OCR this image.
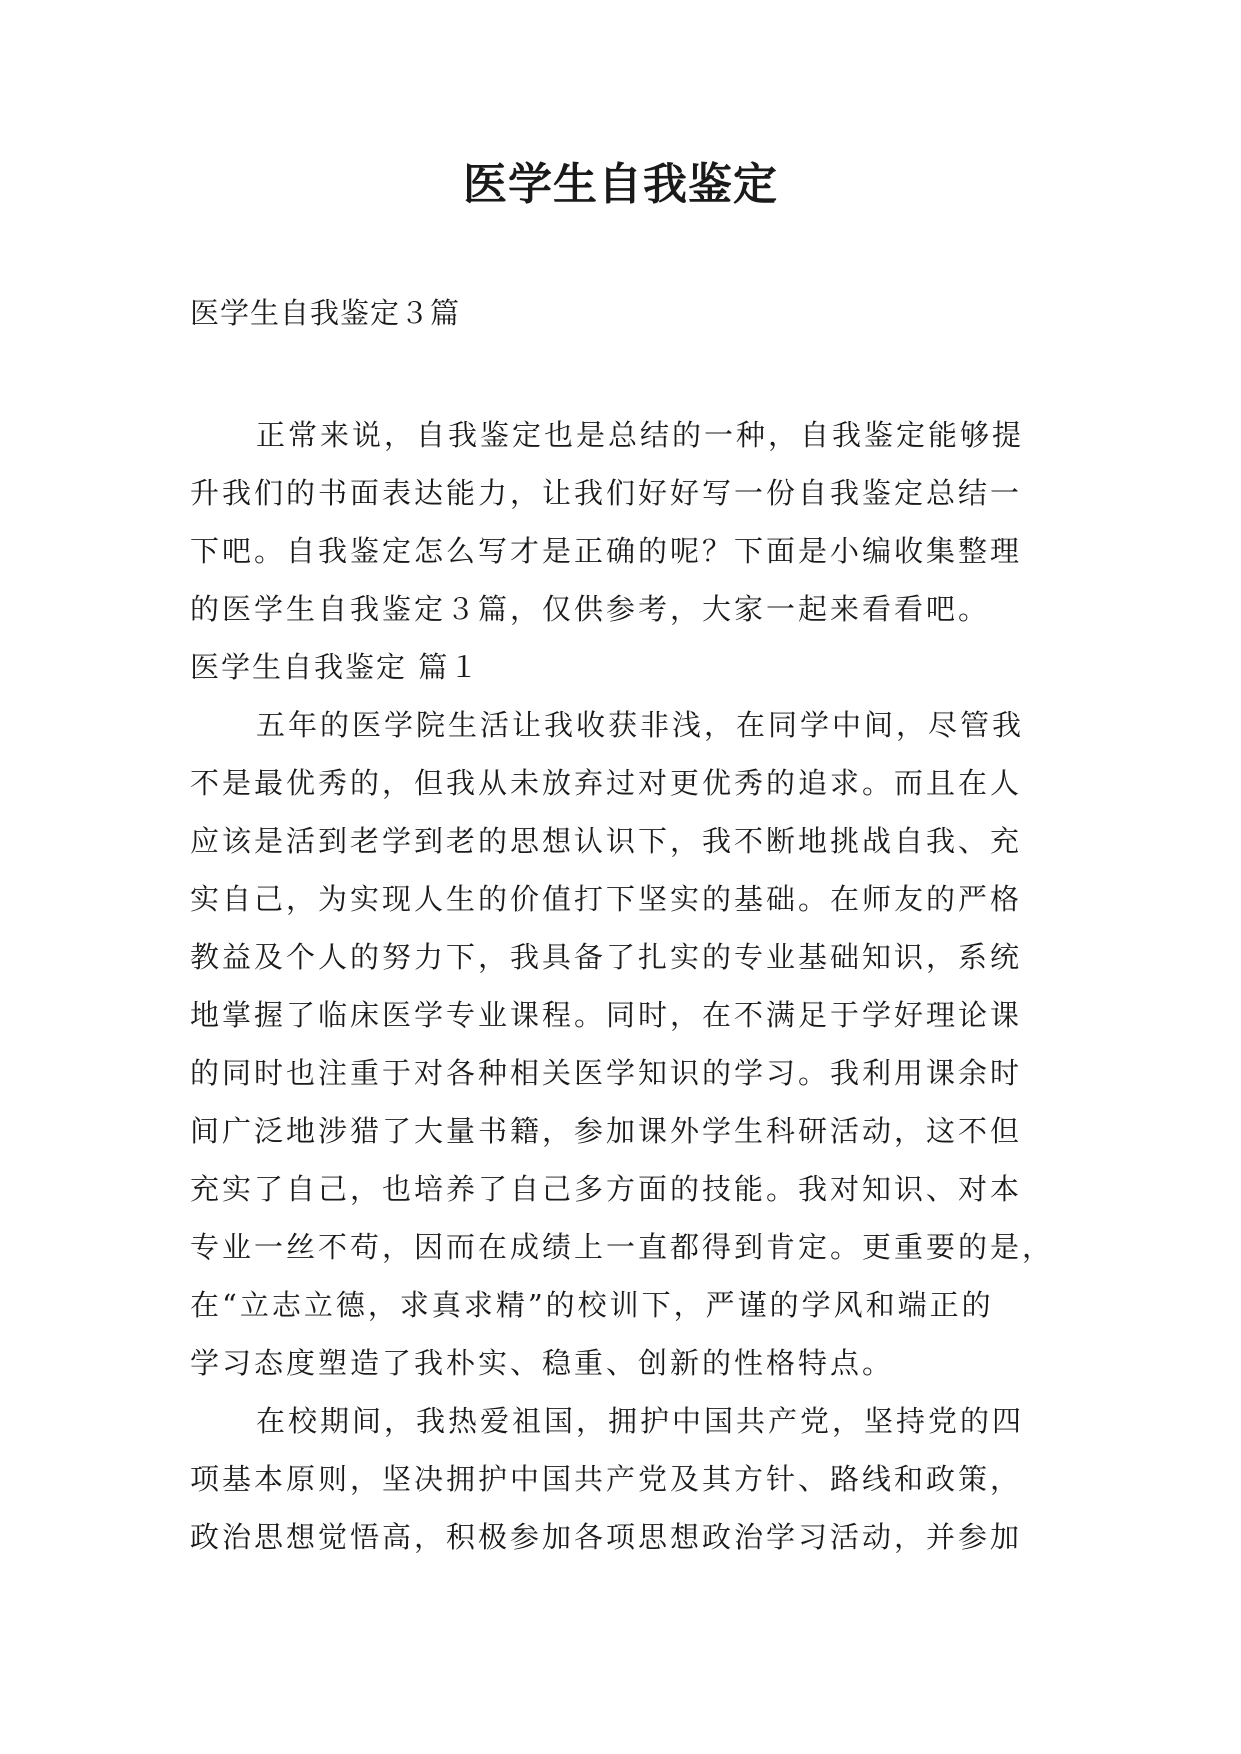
医学生自我鉴定

医学生自我鉴定３篇

正常来说，自我鉴定也是总结的一种，自我鉴定能够提
升我们的书面表达能力，让我们好好写一份自我鉴定总结一
下吧。自我鉴定怎么写才是正确的呢？下面是小编收集整理
的医学生自我鉴定３篇，仅供参考，大家一起来看看吧。
医学生自我鉴定 篇１
五年的医学院生活让我收获非浅，在同学中间，尽管我
不是最优秀的，但我从未放弃过对更优秀的追求。而且在人
应该是活到老学到老的思想认识下，我不断地挑战自我、充
实自己，为实现人生的价值打下坚实的基础。在师友的严格
教益及个人的努力下，我具备了扎实的专业基础知识，系统
地掌握了临床医学专业课程。同时，在不满足于学好理论课
的同时也注重于对各种相关医学知识的学习。我利用课余时
间广泛地涉猎了大量书籍，参加课外学生科研活动，这不但
充实了自己，也培养了自己多方面的技能。我对知识、对本
专业一丝不苟，因而在成绩上一直都得到肯定。更重要的是，
在“立志立德，求真求精”的校训下，严谨的学风和端正的
学习态度塑造了我朴实、稳重、创新的性格特点。
在校期间，我热爱祖国，拥护中国共产党，坚持党的四
项基本原则，坚决拥护中国共产党及其方针、路线和政策，
政治思想觉悟高，积极参加各项思想政治学习活动，并参加
